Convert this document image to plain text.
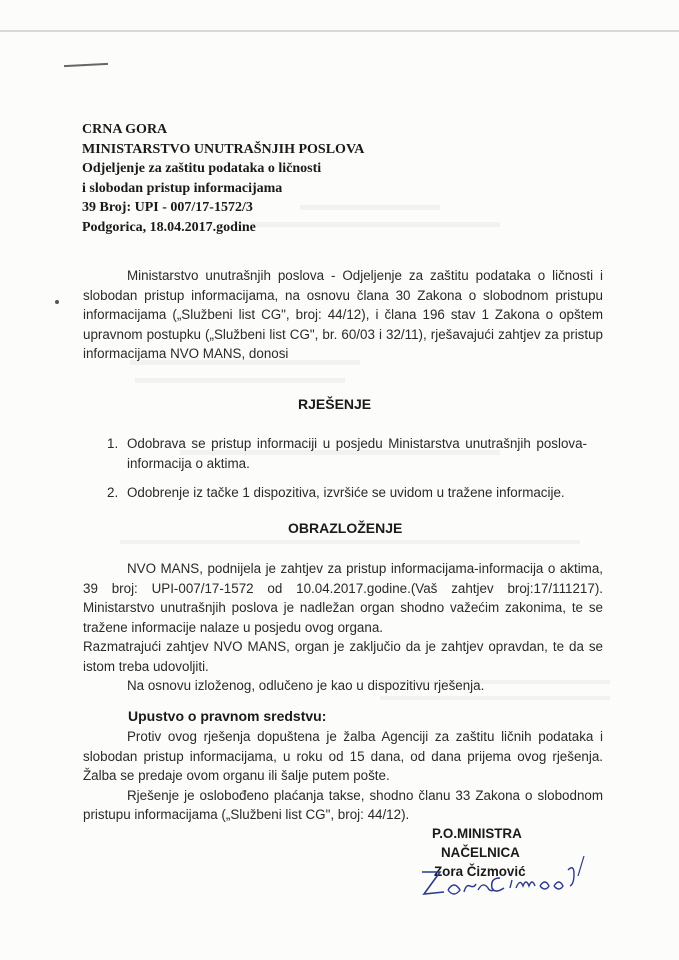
CRNA GORA
MINISTARSTVO UNUTRAŠNJIH POSLOVA
Odjeljenje za zaštitu podataka o ličnosti
i slobodan pristup informacijama
39 Broj: UPI - 007/17-1572/3
Podgorica, 18.04.2017.godine
Ministarstvo unutrašnjih poslova - Odjeljenje za zaštitu podataka o ličnosti i slobodan pristup informacijama, na osnovu člana 30 Zakona o slobodnom pristupu informacijama („Službeni list CG", broj: 44/12), i člana 196 stav 1 Zakona o opštem upravnom postupku („Službeni list CG", br. 60/03 i 32/11), rješavajući zahtjev za pristup informacijama NVO MANS, donosi
RJEŠENJE
1. Odobrava se pristup informaciji u posjedu Ministarstva unutrašnjih poslova- informacija o aktima.
2. Odobrenje iz tačke 1 dispozitiva, izvršiće se uvidom u tražene informacije.
OBRAZLOŽENJE

NVO MANS, podnijela je zahtjev za pristup informacijama-informacija o aktima, 39 broj: UPI-007/17-1572 od 10.04.2017.godine.(Vaš zahtjev broj:17/111217). Ministarstvo unutrašnjih poslova je nadležan organ shodno važećim zakonima, te se tražene informacije nalaze u posjedu ovog organa.

Razmatrajući zahtjev NVO MANS, organ je zaključio da je zahtjev opravdan, te da se istom treba udovoljiti.

Na osnovu izloženog, odlučeno je kao u dispozitivu rješenja.

Upustvo o pravnom sredstvu:

Protiv ovog rješenja dopuštena je žalba Agenciji za zaštitu ličnih podataka i slobodan pristup informacijama, u roku od 15 dana, od dana prijema ovog rješenja. Žalba se predaje ovom organu ili šalje putem pošte.

Rješenje je oslobođeno plaćanja takse, shodno članu 33 Zakona o slobodnom pristupu informacijama („Službeni list CG", broj: 44/12).

P.O.MINISTRA
NAČELNICA
Zora Čizmović
